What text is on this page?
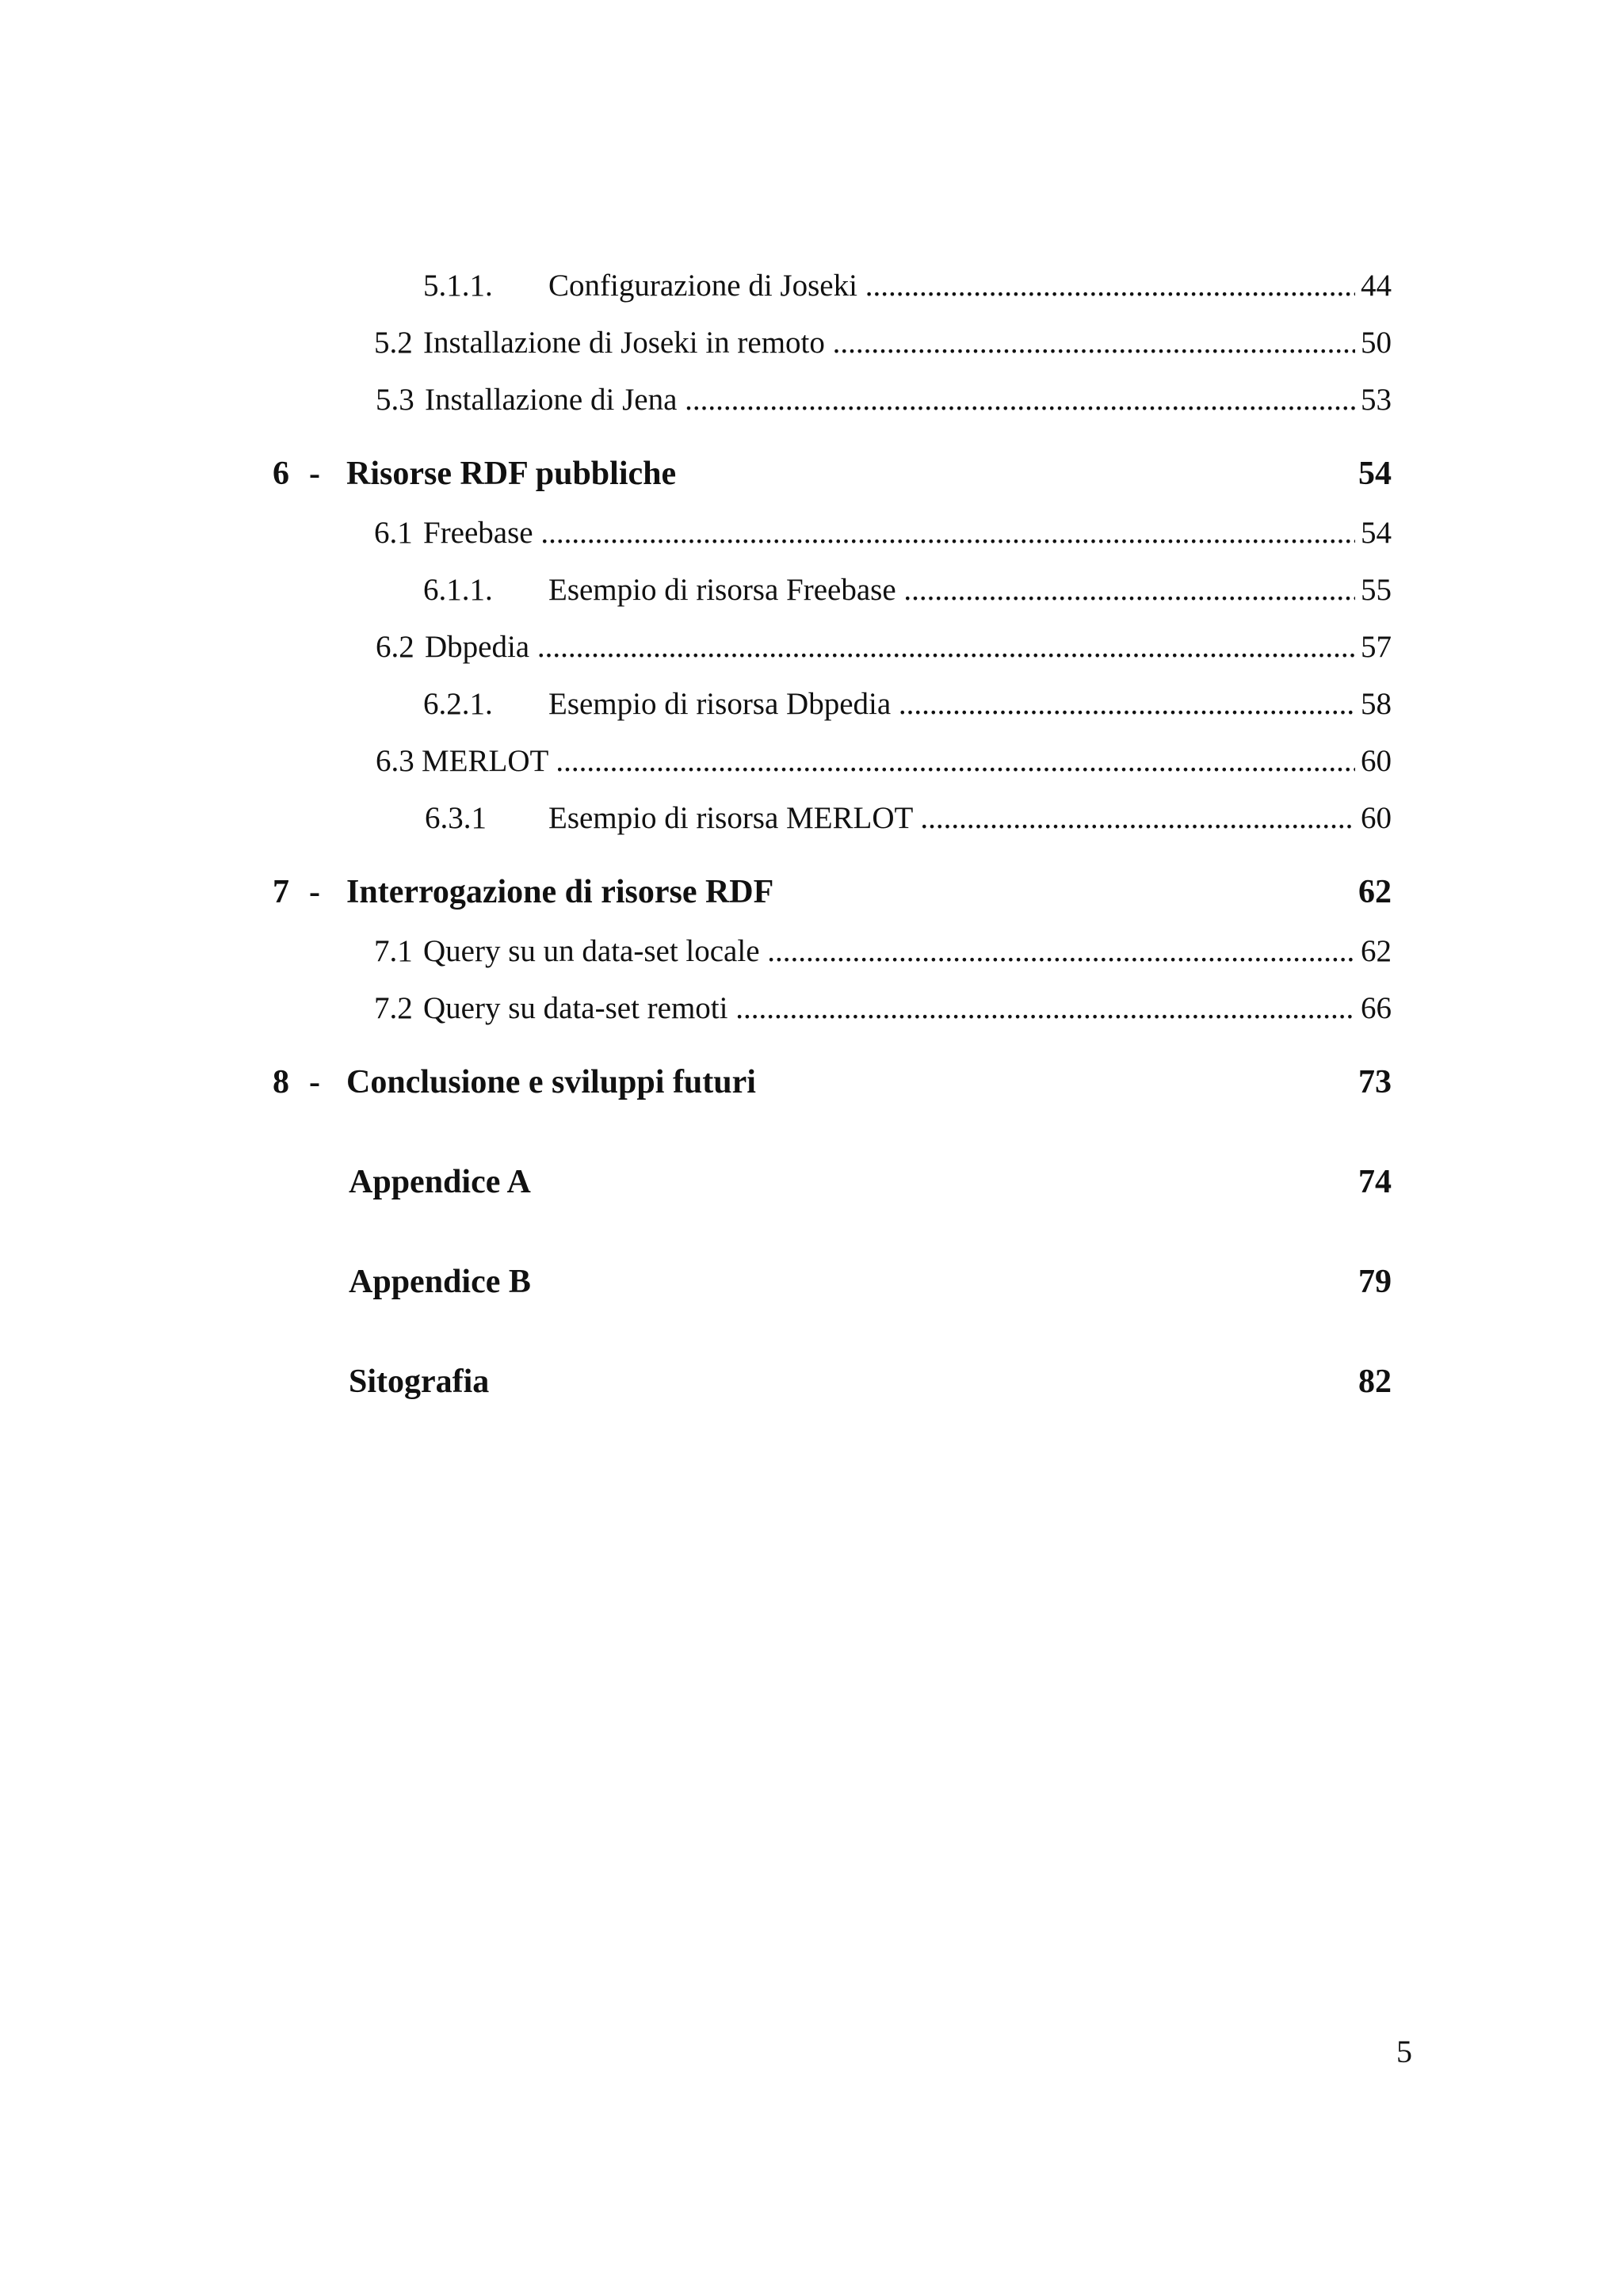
5.1.1. Configurazione di Joseki .....	44
5.2 Installazione di Joseki in remoto .....	50
5.3 Installazione di Jena .....	53
6 - Risorse RDF pubbliche	54
6.1 Freebase .....	54
6.1.1. Esempio di risorsa Freebase .....	55
6.2 Dbpedia .....	57
6.2.1. Esempio di risorsa Dbpedia .....	58
6.3 MERLOT .....	60
6.3.1 Esempio di risorsa MERLOT .....	60
7 - Interrogazione di risorse RDF	62
7.1 Query su un data-set locale .....	62
7.2 Query su data-set remoti .....	66
8 - Conclusione e sviluppi futuri	73
Appendice A	74
Appendice B	79
Sitografia	82
5
